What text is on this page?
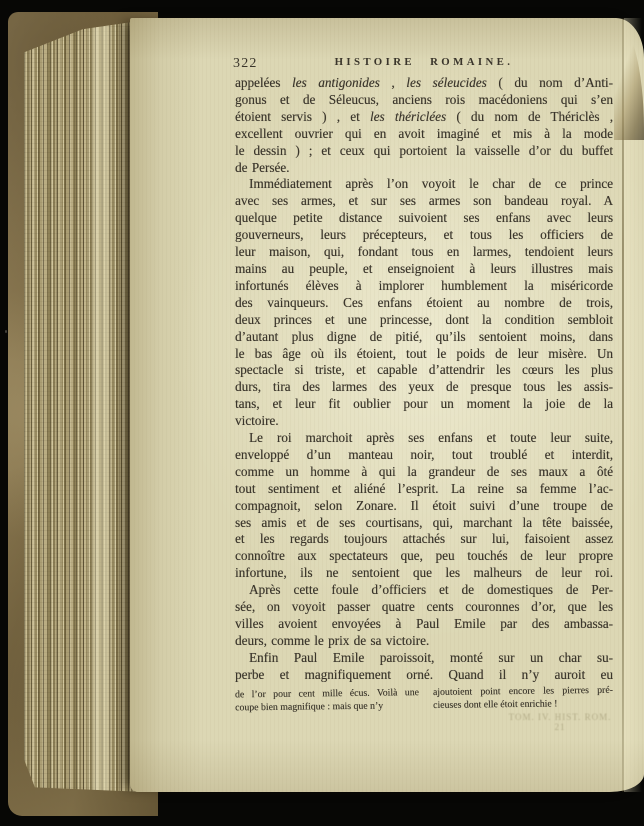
322	HISTOIRE ROMAINE.
appelées les antigonides , les séleucides ( du nom d’Anti-
gonus et de Séleucus, anciens rois macédoniens qui s’en
étoient servis ) , et les thériclées ( du nom de Thériclès ,
excellent ouvrier qui en avoit imaginé et mis à la mode
le dessin ) ; et ceux qui portoient la vaisselle d’or du buffet
de Persée.
Immédiatement après l’on voyoit le char de ce prince
avec ses armes, et sur ses armes son bandeau royal. A
quelque petite distance suivoient ses enfans avec leurs
gouverneurs, leurs précepteurs, et tous les officiers de
leur maison, qui, fondant tous en larmes, tendoient leurs
mains au peuple, et enseignoient à leurs illustres mais
infortunés élèves à implorer humblement la miséricorde
des vainqueurs. Ces enfans étoient au nombre de trois,
deux princes et une princesse, dont la condition sembloit
d’autant plus digne de pitié, qu’ils sentoient moins, dans
le bas âge où ils étoient, tout le poids de leur misère. Un
spectacle si triste, et capable d’attendrir les cœurs les plus
durs, tira des larmes des yeux de presque tous les assis-
tans, et leur fit oublier pour un moment la joie de la
victoire.
Le roi marchoit après ses enfans et toute leur suite,
enveloppé d’un manteau noir, tout troublé et interdit,
comme un homme à qui la grandeur de ses maux a ôté
tout sentiment et aliéné l’esprit. La reine sa femme l’ac-
compagnoit, selon Zonare. Il étoit suivi d’une troupe de
ses amis et de ses courtisans, qui, marchant la tête baissée,
et les regards toujours attachés sur lui, faisoient assez
connoître aux spectateurs que, peu touchés de leur propre
infortune, ils ne sentoient que les malheurs de leur roi.
Après cette foule d’officiers et de domestiques de Per-
sée, on voyoit passer quatre cents couronnes d’or, que les
villes avoient envoyées à Paul Emile par des ambassa-
deurs, comme le prix de sa victoire.
Enfin Paul Emile paroissoit, monté sur un char su-
perbe et magnifiquement orné. Quand il n’y auroit eu
de l’or pour cent mille écus. Voilà une
coupe bien magnifique : mais que n’y
ajoutoient point encore les pierres pré-
cieuses dont elle étoit enrichie !
TOM. IV. HIST. ROM.
21
